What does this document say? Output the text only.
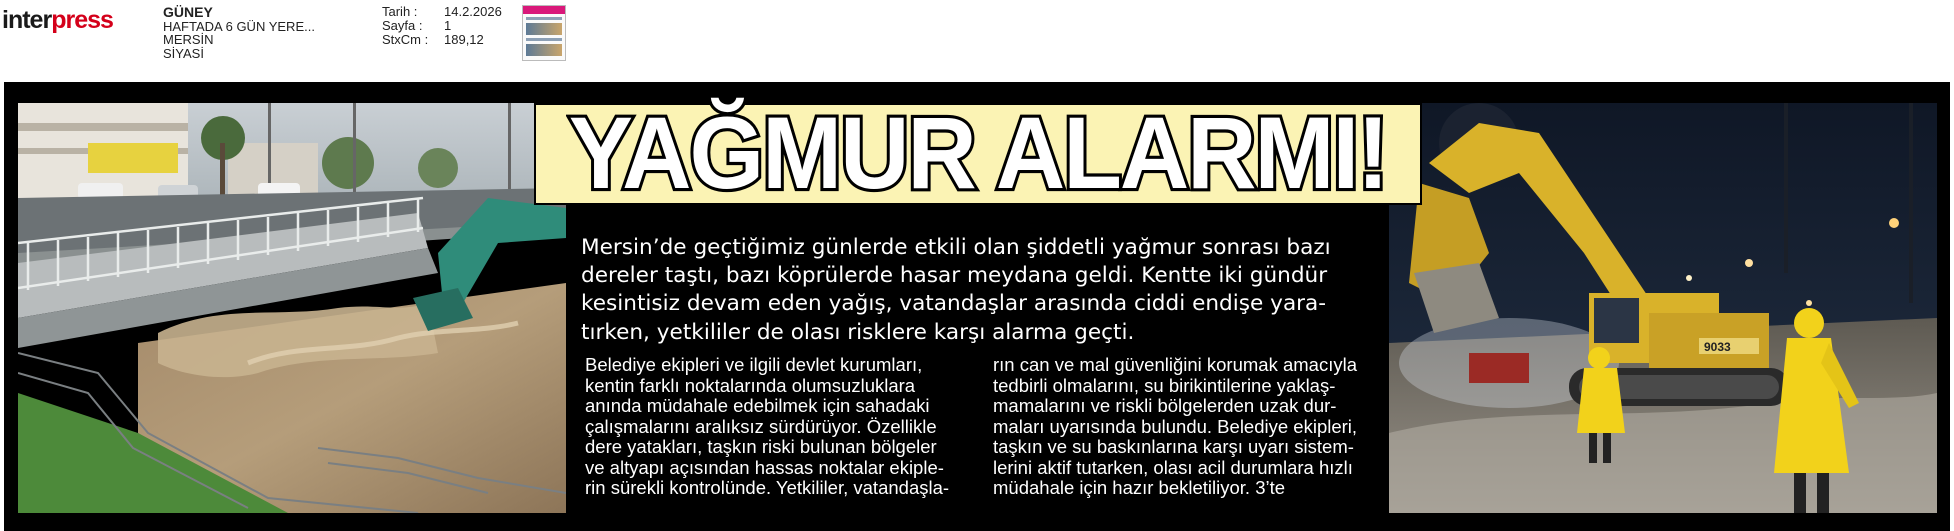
interpress	GÜNEY
HAFTADA 6 GÜN YERE...
MERSİN
SİYASİ
Tarih :	14.2.2026
Sayfa :	1
StxCm :	189,12
9033
YAĞMUR ALARMI!
Mersin’de geçtiğimiz günlerde etkili olan şiddetli yağmur sonrası bazı
dereler taştı, bazı köprülerde hasar meydana geldi. Kentte iki gündür
kesintisiz devam eden yağış, vatandaşlar arasında ciddi endişe yara-
tırken, yetkililer de olası risklere karşı alarma geçti.
Belediye ekipleri ve ilgili devlet kurumları,
kentin farklı noktalarında olumsuzluklara
anında müdahale edebilmek için sahadaki
çalışmalarını aralıksız sürdürüyor. Özellikle
dere yatakları, taşkın riski bulunan bölgeler
ve altyapı açısından hassas noktalar ekiple-
rin sürekli kontrolünde. Yetkililer, vatandaşla-
rın can ve mal güvenliğini korumak amacıyla
tedbirli olmalarını, su birikintilerine yaklaş-
mamalarını ve riskli bölgelerden uzak dur-
maları uyarısında bulundu. Belediye ekipleri,
taşkın ve su baskınlarına karşı uyarı sistem-
lerini aktif tutarken, olası acil durumlara hızlı
müdahale için hazır bekletiliyor. 3’te
